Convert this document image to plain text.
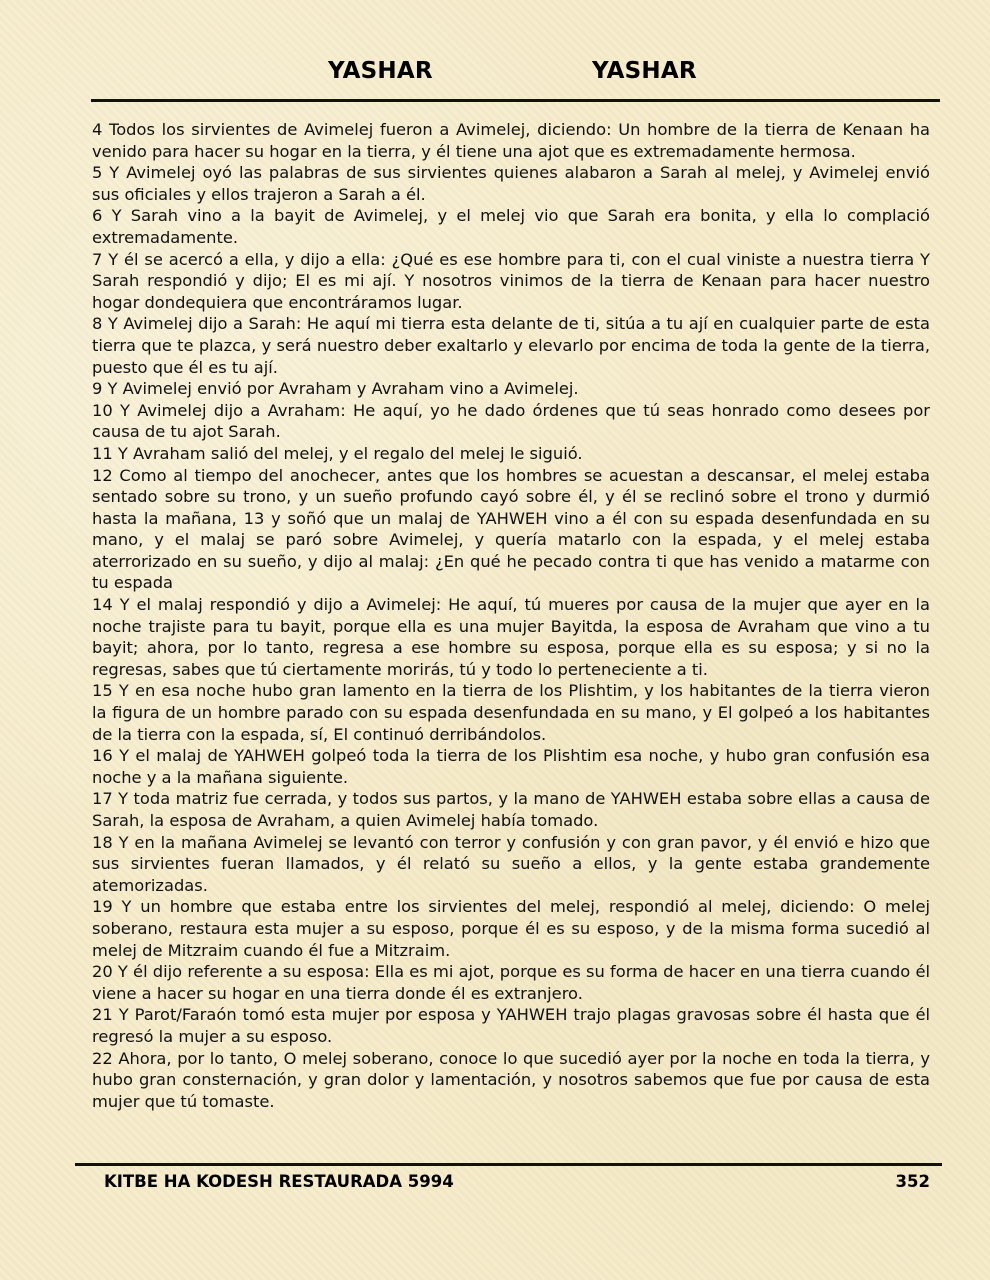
YASHAR	YASHAR

4 Todos los sirvientes de Avimelej fueron a Avimelej, diciendo: Un hombre de la tierra de Kenaan ha venido para hacer su hogar en la tierra, y él tiene una ajot que es extremadamente hermosa.

5 Y Avimelej oyó las palabras de sus sirvientes quienes alabaron a Sarah al melej, y Avimelej envió sus oficiales y ellos trajeron a Sarah a él.

6 Y Sarah vino a la bayit de Avimelej, y el melej vio que Sarah era bonita, y ella lo complació extremadamente.

7 Y él se acercó a ella, y dijo a ella: ¿Qué es ese hombre para ti, con el cual viniste a nuestra tierra Y Sarah respondió y dijo; El es mi ají. Y nosotros vinimos de la tierra de Kenaan para hacer nuestro hogar dondequiera que encontráramos lugar.

8 Y Avimelej dijo a Sarah: He aquí mi tierra esta delante de ti, sitúa a tu ají en cualquier parte de esta tierra que te plazca, y será nuestro deber exaltarlo y elevarlo por encima de toda la gente de la tierra, puesto que él es tu ají.

9 Y Avimelej envió por Avraham y Avraham vino a Avimelej.

10 Y Avimelej dijo a Avraham: He aquí, yo he dado órdenes que tú seas honrado como desees por causa de tu ajot Sarah.

11 Y Avraham salió del melej, y el regalo del melej le siguió.

12 Como al tiempo del anochecer, antes que los hombres se acuestan a descansar, el melej estaba sentado sobre su trono, y un sueño profundo cayó sobre él, y él se reclinó sobre el trono y durmió hasta la mañana, 13 y soñó que un malaj de YAHWEH vino a él con su espada desenfundada en su mano, y el malaj se paró sobre Avimelej, y quería matarlo con la espada, y el melej estaba aterrorizado en su sueño, y dijo al malaj: ¿En qué he pecado contra ti que has venido a matarme con tu espada

14 Y el malaj respondió y dijo a Avimelej: He aquí, tú mueres por causa de la mujer que ayer en la noche trajiste para tu bayit, porque ella es una mujer Bayitda, la esposa de Avraham que vino a tu bayit; ahora, por lo tanto, regresa a ese hombre su esposa, porque ella es su esposa; y si no la regresas, sabes que tú ciertamente morirás, tú y todo lo perteneciente a ti.

15 Y en esa noche hubo gran lamento en la tierra de los Plishtim, y los habitantes de la tierra vieron la figura de un hombre parado con su espada desenfundada en su mano, y El golpeó a los habitantes de la tierra con la espada, sí, El continuó derribándolos.

16 Y el malaj de YAHWEH golpeó toda la tierra de los Plishtim esa noche, y hubo gran confusión esa noche y a la mañana siguiente.

17 Y toda matriz fue cerrada, y todos sus partos, y la mano de YAHWEH estaba sobre ellas a causa de Sarah, la esposa de Avraham, a quien Avimelej había tomado.

18 Y en la mañana Avimelej se levantó con terror y confusión y con gran pavor, y él envió e hizo que sus sirvientes fueran llamados, y él relató su sueño a ellos, y la gente estaba grandemente atemorizadas.

19 Y un hombre que estaba entre los sirvientes del melej, respondió al melej, diciendo: O melej soberano, restaura esta mujer a su esposo, porque él es su esposo, y de la misma forma sucedió al melej de Mitzraim cuando él fue a Mitzraim.

20 Y él dijo referente a su esposa: Ella es mi ajot, porque es su forma de hacer en una tierra cuando él viene a hacer su hogar en una tierra donde él es extranjero.

21 Y Parot/Faraón tomó esta mujer por esposa y YAHWEH trajo plagas gravosas sobre él hasta que él regresó la mujer a su esposo.

22 Ahora, por lo tanto, O melej soberano, conoce lo que sucedió ayer por la noche en toda la tierra, y hubo gran consternación, y gran dolor y lamentación, y nosotros sabemos que fue por causa de esta mujer que tú tomaste.

KITBE HA KODESH RESTAURADA 5994	352
